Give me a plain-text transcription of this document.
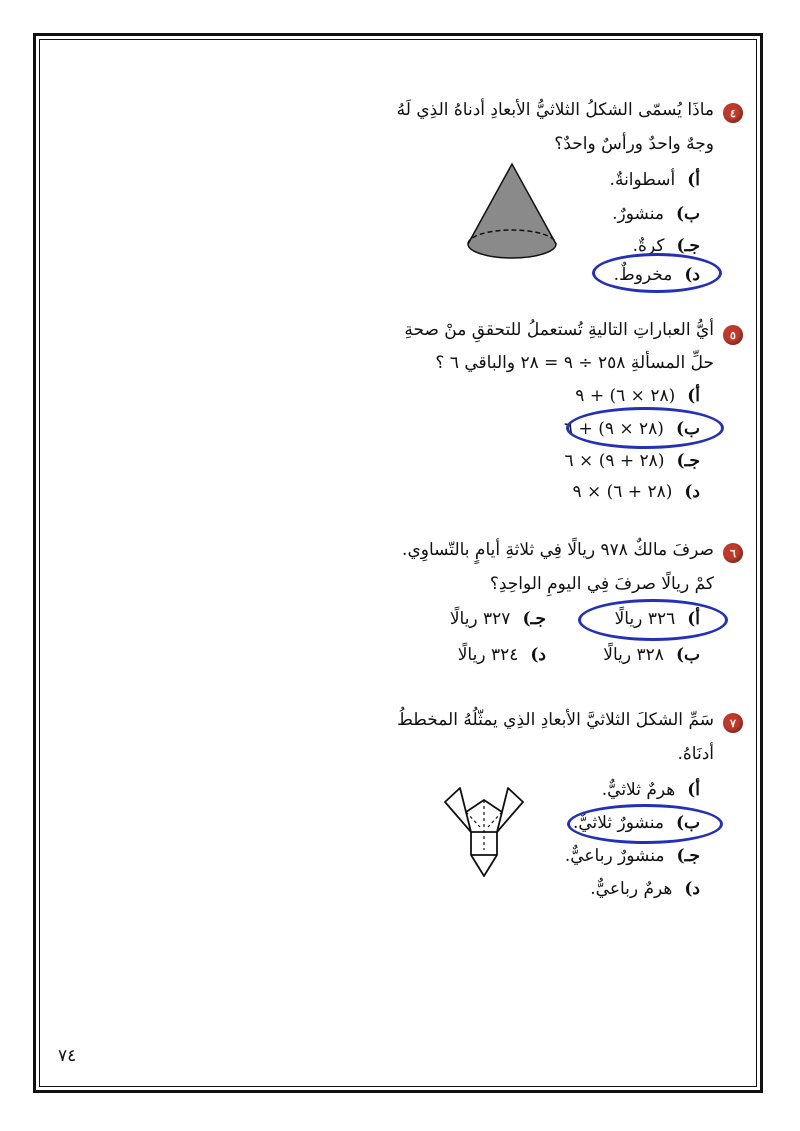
٤
ماذَا يُسمّى الشكلُ الثلاثيُّ الأبعادِ أدناهُ الذِي لَهُ
وجهٌ واحدٌ ورأسٌ واحدٌ؟
أ)أسطوانةٌ.
ب)منشورٌ.
جـ)كرةٌ.
د)مخروطٌ.
٥
أيُّ العباراتِ التاليةِ تُستعملُ للتحققِ منْ صحةِ
حلِّ المسألةِ ٢٥٨ ÷ ٩ = ٢٨ والباقي ٦ ؟
أ)(٢٨ × ٦) + ٩
ب)(٢٨ × ٩) + ٦
جـ)(٢٨ + ٩) × ٦
د)(٢٨ + ٦) × ٩
٦
صرفَ مالكٌ ٩٧٨ ريالًا فِي ثلاثةِ أيامٍ بالتّساوِي.
كمْ ريالًا صرفَ فِي اليومِ الواحِدِ؟
أ)٣٢٦ ريالًا
ب)٣٢٨ ريالًا
جـ)٣٢٧ ريالًا
د)٣٢٤ ريالًا
٧
سَمِّ الشكلَ الثلاثيَّ الأبعادِ الذِي يمثّلُهُ المخططُ
أدنَاهُ.
أ)هرمٌ ثلاثيٌّ.
ب)منشورٌ ثلاثيٌّ.
جـ)منشورٌ رباعيٌّ.
د)هرمٌ رباعيٌّ.
٧٤
